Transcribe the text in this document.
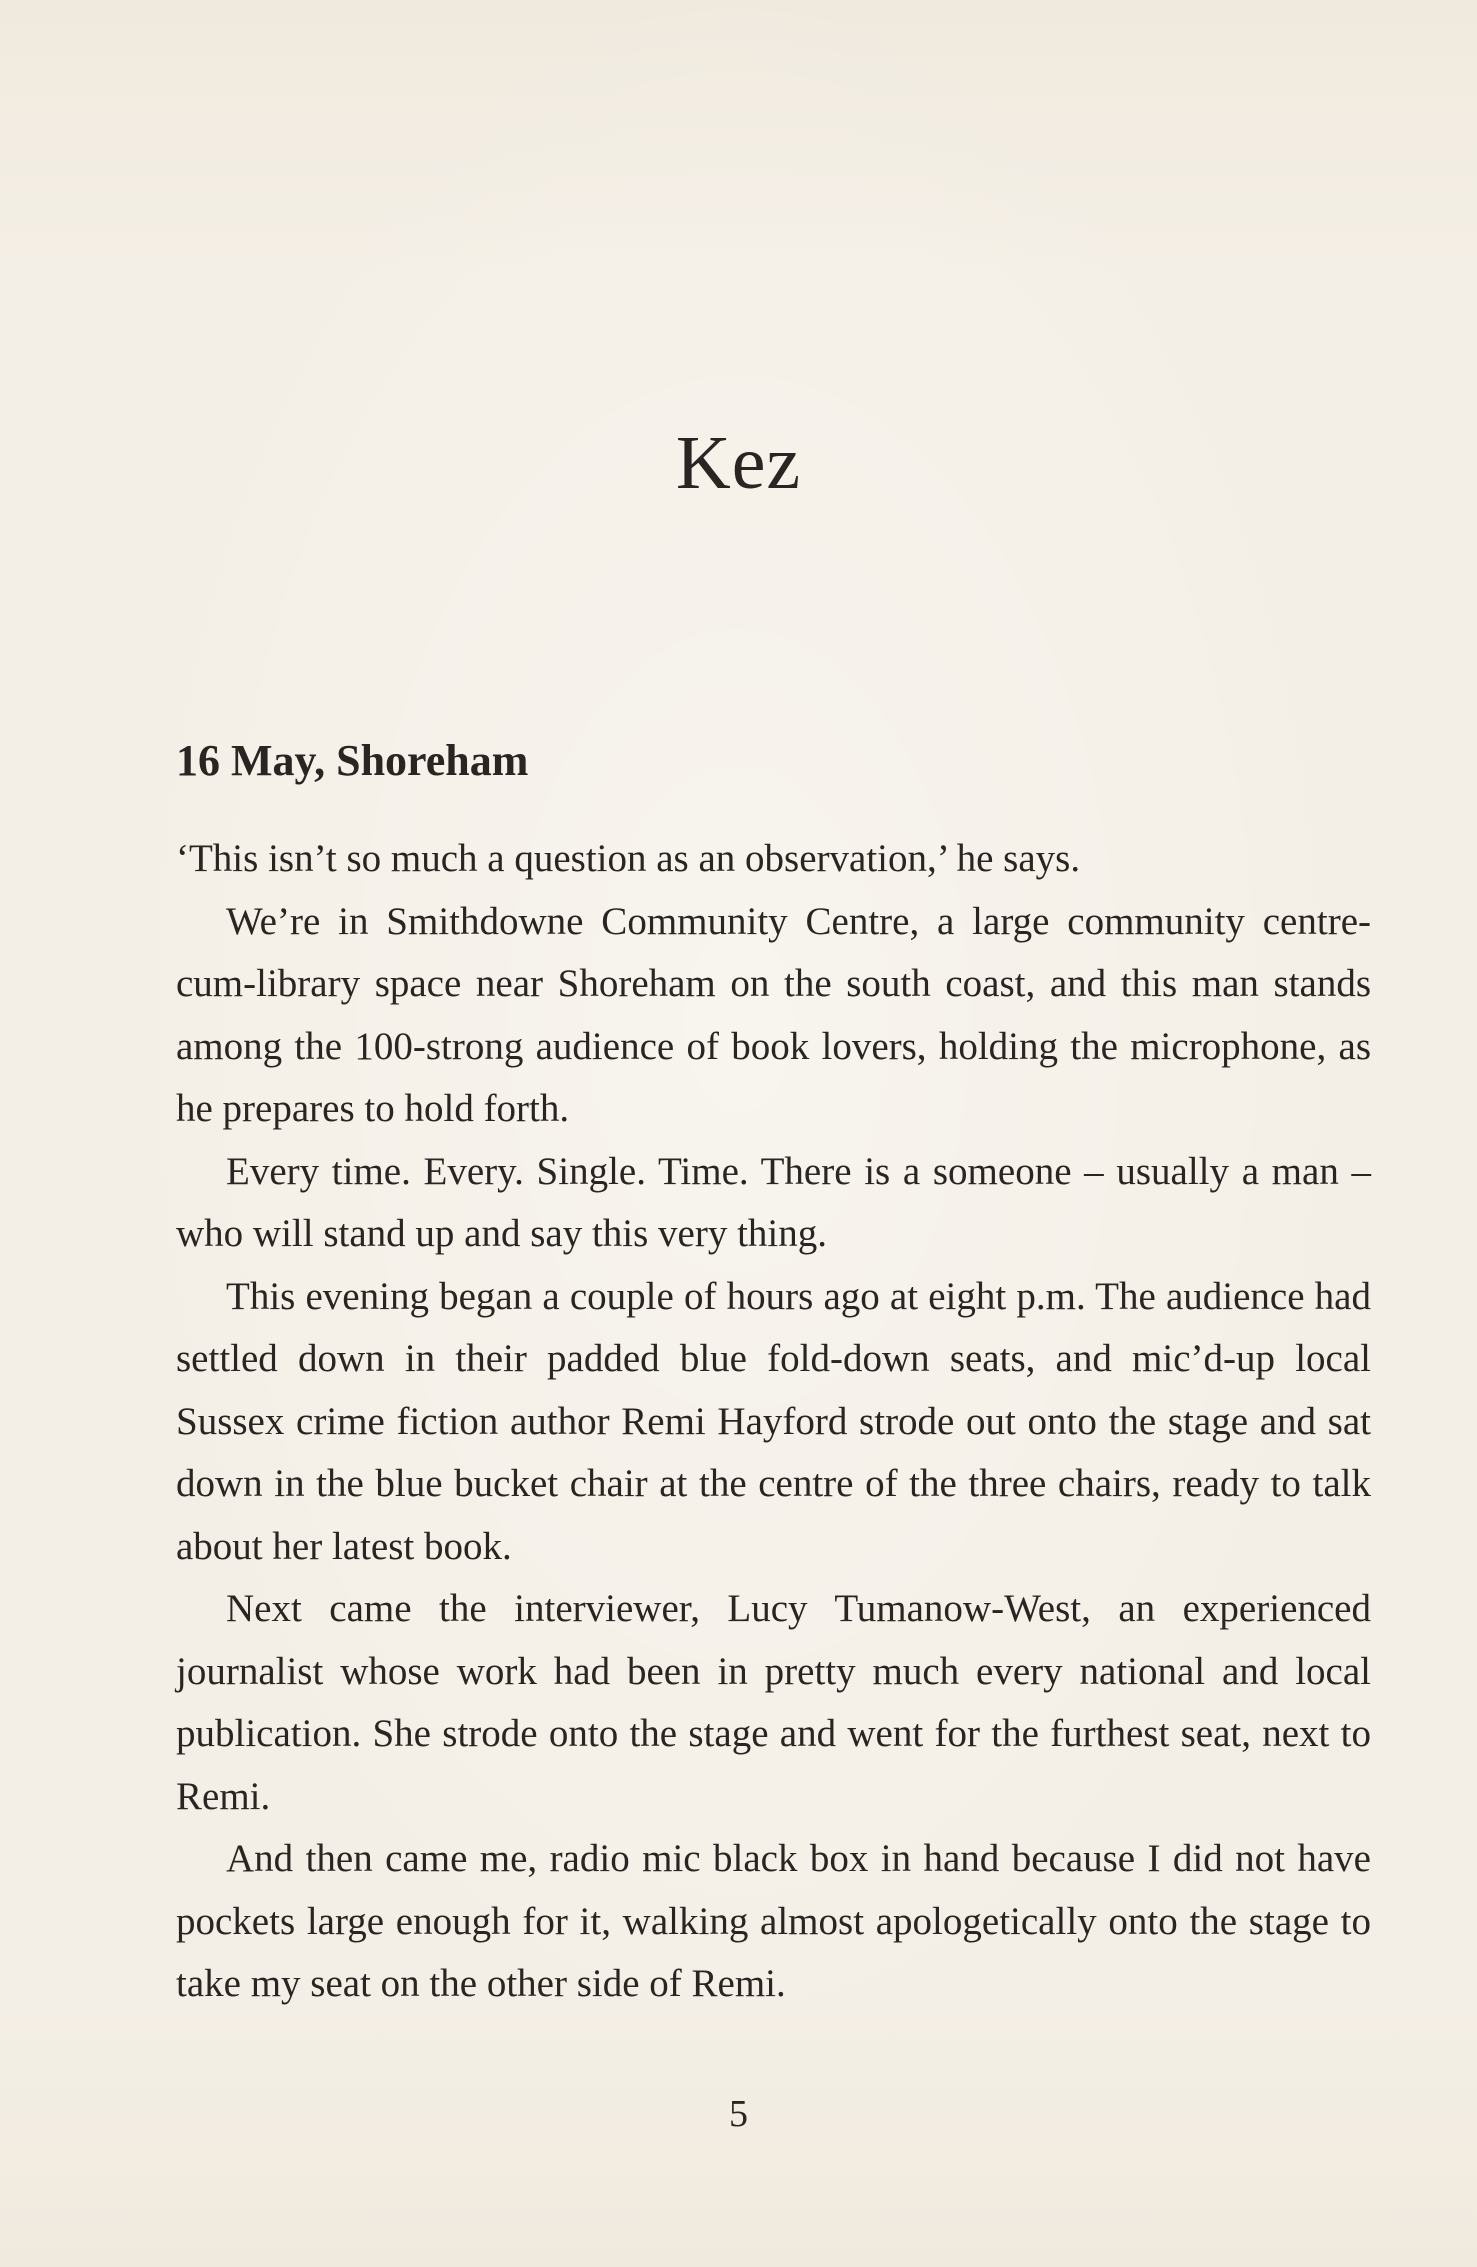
Kez
16 May, Shoreham

‘This isn’t so much a question as an observation,’ he says.

We’re in Smithdowne Community Centre, a large community centre-cum-library space near Shoreham on the south coast, and this man stands among the 100-strong audience of book lovers, holding the microphone, as he prepares to hold forth.

Every time. Every. Single. Time. There is a someone – usually a man – who will stand up and say this very thing.

This evening began a couple of hours ago at eight p.m. The audience had settled down in their padded blue fold-down seats, and mic’d-up local Sussex crime fiction author Remi Hayford strode out onto the stage and sat down in the blue bucket chair at the centre of the three chairs, ready to talk about her latest book.

Next came the interviewer, Lucy Tumanow-West, an experienced journalist whose work had been in pretty much every national and local publication. She strode onto the stage and went for the furthest seat, next to Remi.

And then came me, radio mic black box in hand because I did not have pockets large enough for it, walking almost apologetically onto the stage to take my seat on the other side of Remi.

5
